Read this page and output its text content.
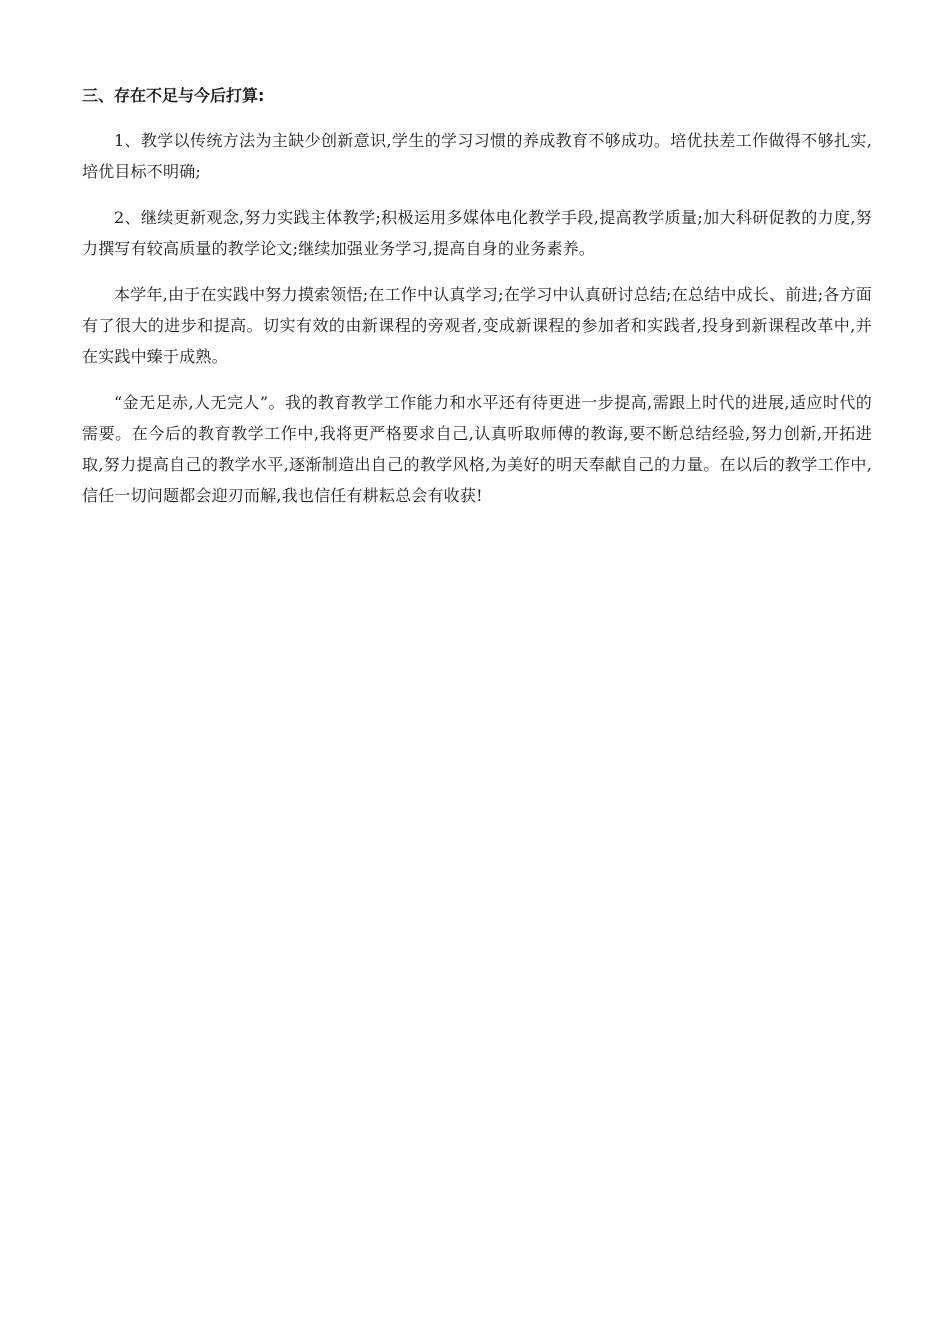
三、存在不足与今后打算:

1、教学以传统方法为主缺少创新意识,学生的学习习惯的养成教育不够成功。培优扶差工作做得不够扎实,培优目标不明确;

2、继续更新观念,努力实践主体教学;积极运用多媒体电化教学手段,提高教学质量;加大科研促教的力度,努力撰写有较高质量的教学论文;继续加强业务学习,提高自身的业务素养。

本学年,由于在实践中努力摸索领悟;在工作中认真学习;在学习中认真研讨总结;在总结中成长、前进;各方面有了很大的进步和提高。切实有效的由新课程的旁观者,变成新课程的参加者和实践者,投身到新课程改革中,并在实践中臻于成熟。

“金无足赤,人无完人”。我的教育教学工作能力和水平还有待更进一步提高,需跟上时代的进展,适应时代的需要。在今后的教育教学工作中,我将更严格要求自己,认真听取师傅的教诲,要不断总结经验,努力创新,开拓进取,努力提高自己的教学水平,逐渐制造出自己的教学风格,为美好的明天奉献自己的力量。在以后的教学工作中,信任一切问题都会迎刃而解,我也信任有耕耘总会有收获!
